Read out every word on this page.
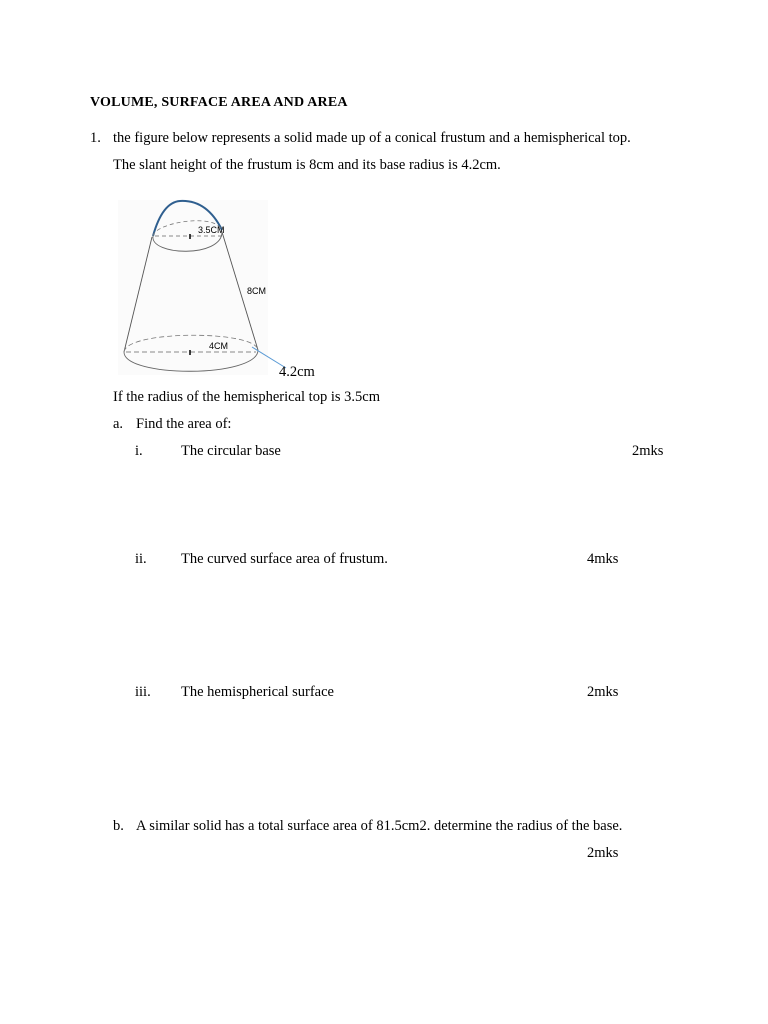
VOLUME, SURFACE AREA AND AREA
1. the figure below represents a solid made up of a conical frustum and a hemispherical top.
The slant height of the frustum is 8cm and its base radius is 4.2cm.
3.5CM
8CM
4CM
4.2cm
If the radius of the hemispherical top is 3.5cm
a. Find the area of:
i.	The circular base	2mks
ii. The curved surface area of frustum.	4mks
iii. The hemispherical surface	2mks
b. A similar solid has a total surface area of 81.5cm2. determine the radius of the base.
2mks
